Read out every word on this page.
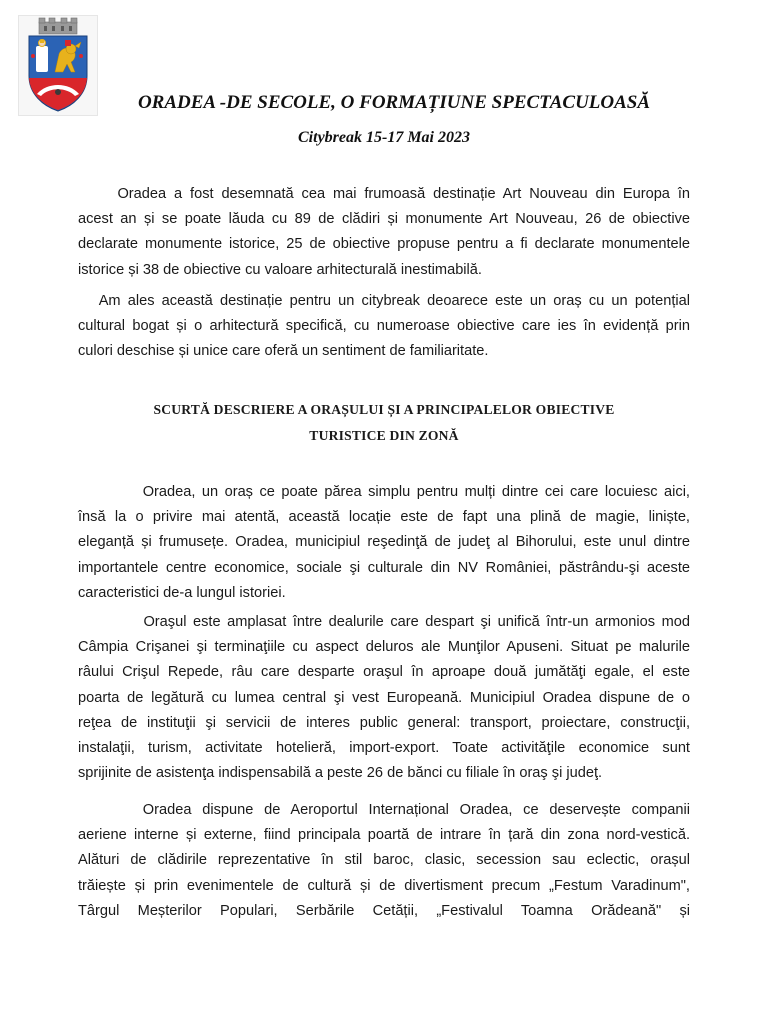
ORADEA -DE SECOLE, O FORMAȚIUNE SPECTACULOASĂ
Citybreak 15-17 Mai 2023
Oradea a fost desemnată cea mai frumoasă destinație Art Nouveau din Europa în
acest an și se poate lăuda cu 89 de clădiri și monumente Art Nouveau, 26 de obiective
declarate monumente istorice, 25 de obiective propuse pentru a fi declarate monumentele
istorice și 38 de obiective cu valoare arhitecturală inestimabilă.
Am ales această destinație pentru un citybreak deoarece este un oraș cu un potențial
cultural bogat și o arhitectură specifică, cu numeroase obiective care ies în evidență prin
culori deschise și unice care oferă un sentiment de familiaritate.
SCURTĂ DESCRIERE A ORAȘULUI ȘI A PRINCIPALELOR OBIECTIVE
TURISTICE DIN ZONĂ
Oradea, un oraș ce poate părea simplu pentru mulți dintre cei care locuiesc aici,
însă la o privire mai atentă, această locație este de fapt una plină de magie, liniște,
eleganță și frumusețe. Oradea, municipiul reşedinţă de judeţ al Bihorului, este unul dintre
importantele centre economice, sociale şi culturale din NV României, păstrându-şi aceste
caracteristici de-a lungul istoriei.
Oraşul este amplasat între dealurile care despart şi unifică într-un armonios mod
Câmpia Crişanei şi terminaţiile cu aspect deluros ale Munţilor Apuseni. Situat pe malurile
râului Crişul Repede, râu care desparte oraşul în aproape două jumătăţi egale, el este
poarta de legătură cu lumea central şi vest Europeană. Municipiul Oradea dispune de o
reţea de instituţii şi servicii de interes public general: transport, proiectare, construcţii,
instalaţii, turism, activitate hotelieră, import-export. Toate activităţile economice sunt
sprijinite de asistenţa indispensabilă a peste 26 de bănci cu filiale în oraş şi judeţ.
Oradea dispune de Aeroportul Internațional Oradea, ce deservește companii
aeriene interne și externe, fiind principala poartă de intrare în țară din zona nord-vestică.
Alături de clădirile reprezentative în stil baroc, clasic, secession sau eclectic, orașul
trăiește și prin evenimentele de cultură și de divertisment precum „Festum Varadinum",
Târgul Meșterilor Populari, Serbările Cetății, „Festivalul Toamna Orădeană" și
